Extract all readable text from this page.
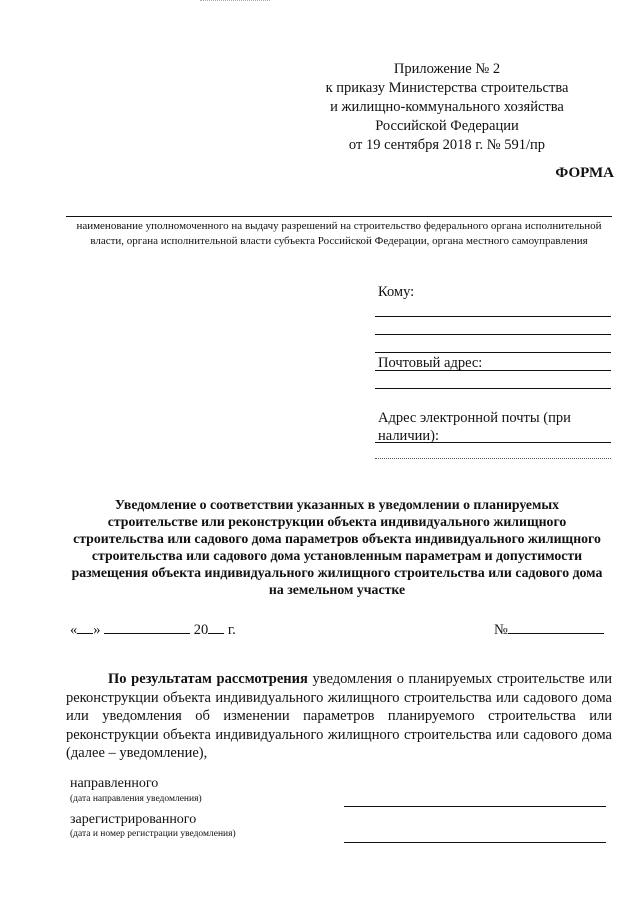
Приложение № 2
к приказу Министерства строительства
и жилищно-коммунального хозяйства
Российской Федерации
от 19 сентября 2018 г. № 591/пр
ФОРМА
наименование уполномоченного на выдачу разрешений на строительство федерального органа исполнительной власти, органа исполнительной власти субъекта Российской Федерации, органа местного самоуправления
Кому:
Почтовый адрес:
Адрес электронной почты (при наличии):
Уведомление о соответствии указанных в уведомлении о планируемых строительстве или реконструкции объекта индивидуального жилищного строительства или садового дома параметров объекта индивидуального жилищного строительства или садового дома установленным параметрам и допустимости размещения объекта индивидуального жилищного строительства или садового дома на земельном участке
« »	20 г.	№
По результатам рассмотрения уведомления о планируемых строительстве или реконструкции объекта индивидуального жилищного строительства или садового дома или уведомления об изменении параметров планируемого строительства или реконструкции объекта индивидуального жилищного строительства или садового дома (далее – уведомление),
направленного
(дата направления уведомления)
зарегистрированного
(дата и номер регистрации уведомления)
